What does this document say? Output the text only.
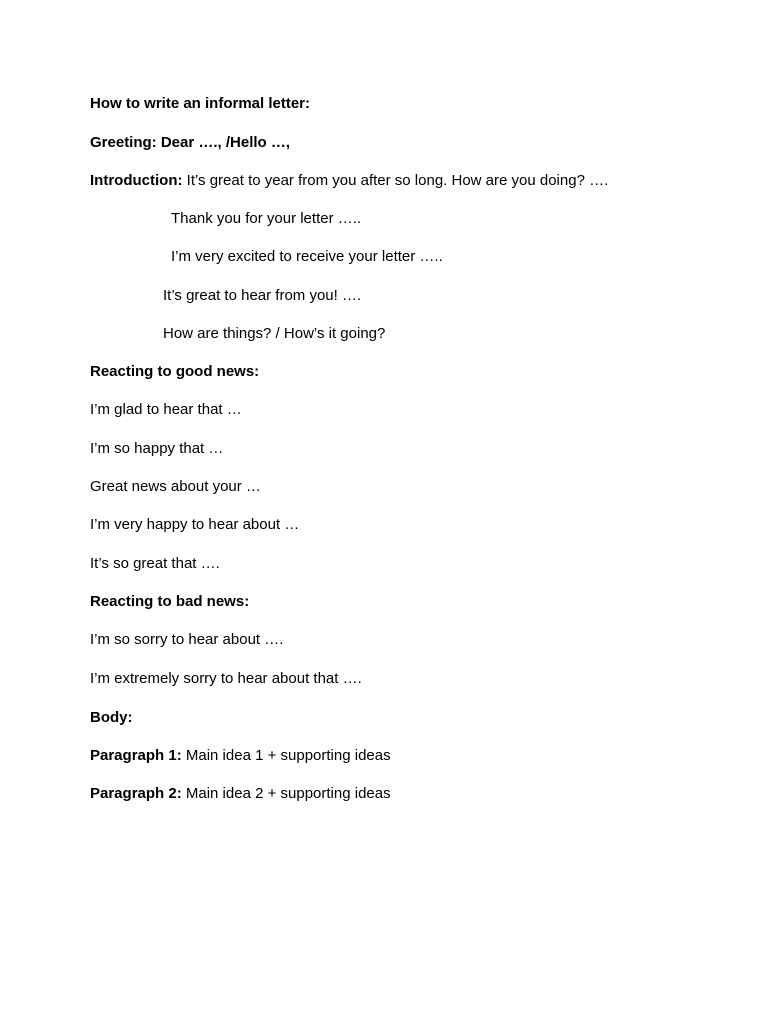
How to write an informal letter:
Greeting: Dear …., /Hello …,
Introduction: It’s great to year from you after so long. How are you doing? ….
Thank you for your letter …..
I’m very excited to receive your letter …..
It’s great to hear from you! ….
How are things? / How’s it going?
Reacting to good news:
I’m glad to hear that …
I’m so happy that …
Great news about your …
I’m very happy to hear about …
It’s so great that ….
Reacting to bad news:
I’m so sorry to hear about ….
I’m extremely sorry to hear about that ….
Body:
Paragraph 1: Main idea 1 + supporting ideas
Paragraph 2: Main idea 2 + supporting ideas
